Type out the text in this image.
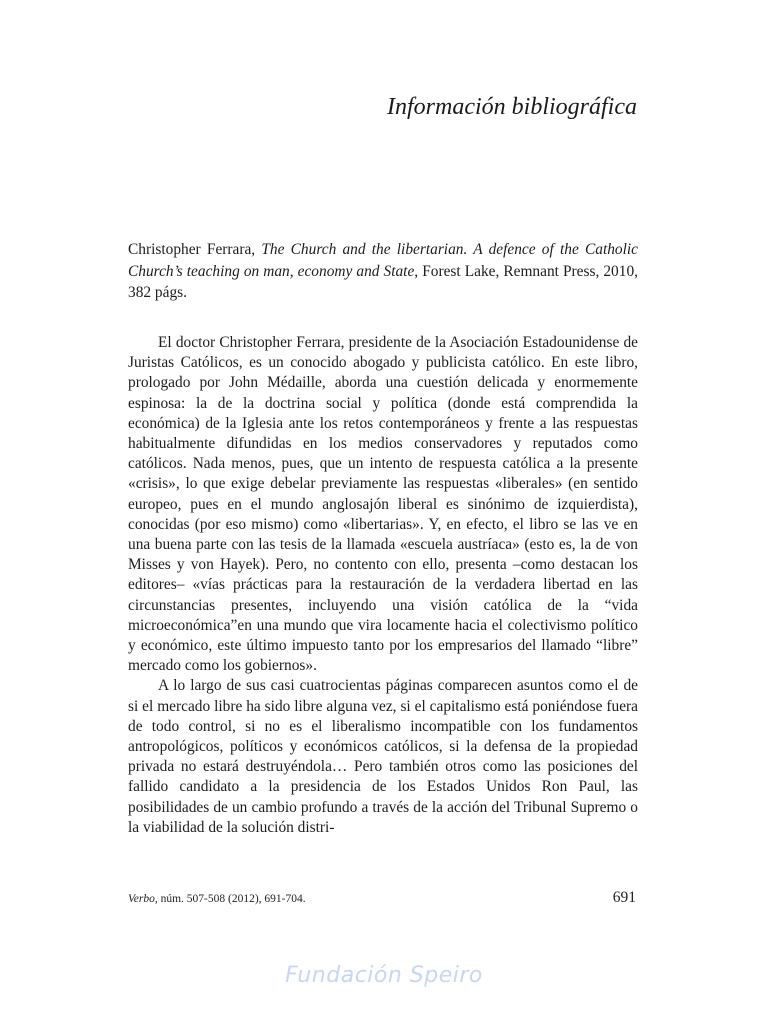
Información bibliográfica

Christopher Ferrara, The Church and the libertarian. A defence of the Catholic Church’s teaching on man, economy and State, Forest Lake, Remnant Press, 2010, 382 págs.

El doctor Christopher Ferrara, presidente de la Asociación Estadounidense de Juristas Católicos, es un conocido abogado y publicista católico. En este libro, prologado por John Médaille, aborda una cuestión delicada y enormemente espinosa: la de la doctrina social y política (donde está comprendida la económica) de la Iglesia ante los retos contemporáneos y frente a las respuestas habitualmente difundidas en los medios conservadores y reputados como católicos. Nada menos, pues, que un intento de respuesta católica a la presente «crisis», lo que exige debelar previamente las respuestas «liberales» (en sentido europeo, pues en el mundo anglosajón liberal es sinónimo de izquierdista), conocidas (por eso mismo) como «libertarias». Y, en efecto, el libro se las ve en una buena parte con las tesis de la llamada «escuela austríaca» (esto es, la de von Misses y von Hayek). Pero, no contento con ello, presenta –como destacan los editores– «vías prácticas para la restauración de la verdadera libertad en las circunstancias presentes, incluyendo una visión católica de la “vida microeconómica”en una mundo que vira locamente hacia el colectivismo político y económico, este último impuesto tanto por los empresarios del llamado “libre” mercado como los gobiernos».

A lo largo de sus casi cuatrocientas páginas comparecen asuntos como el de si el mercado libre ha sido libre alguna vez, si el capitalismo está poniéndose fuera de todo control, si no es el liberalismo incompatible con los fundamentos antropológicos, políticos y económicos católicos, si la defensa de la propiedad privada no estará destruyéndola… Pero también otros como las posiciones del fallido candidato a la presidencia de los Estados Unidos Ron Paul, las posibilidades de un cambio profundo a través de la acción del Tribunal Supremo o la viabilidad de la solución distri-

Verbo, núm. 507-508 (2012), 691-704.	691
Fundación Speiro
